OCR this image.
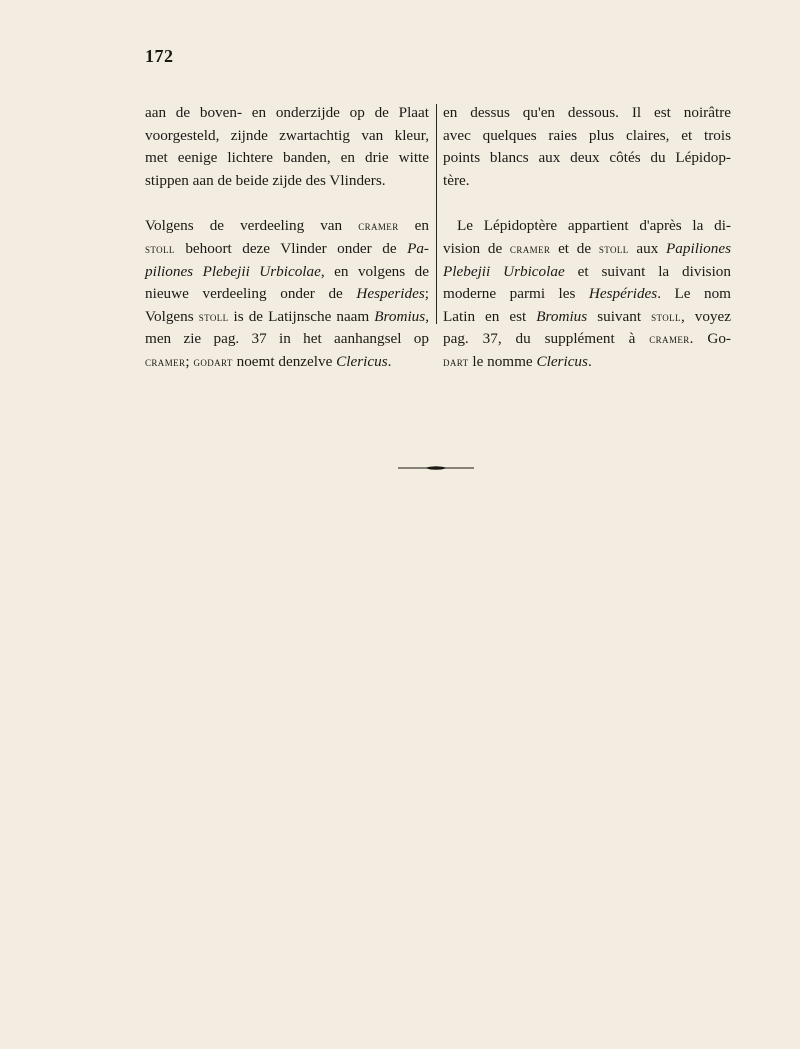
172
aan de boven- en onderzijde op de Plaat
voorgesteld, zijnde zwartachtig van kleur,
met eenige lichtere banden, en drie witte
stippen aan de beide zijde des Vlinders.
Volgens de verdeeling van cramer en
stoll behoort deze Vlinder onder de Pa-
piliones Plebejii Urbicolae, en volgens de
nieuwe verdeeling onder de Hesperides;
Volgens stoll is de Latijnsche naam Bromius,
men zie pag. 37 in het aanhangsel op
cramer; godart noemt denzelve Clericus.
en dessus qu'en dessous. Il est noirâtre
avec quelques raies plus claires, et trois
points blancs aux deux côtés du Lépidop-
tère.
Le Lépidoptère appartient d'après la di-
vision de cramer et de stoll aux Papiliones
Plebejii Urbicolae et suivant la division
moderne parmi les Hespérides. Le nom
Latin en est Bromius suivant stoll, voyez
pag. 37, du supplément à cramer. Go-
dart le nomme Clericus.
